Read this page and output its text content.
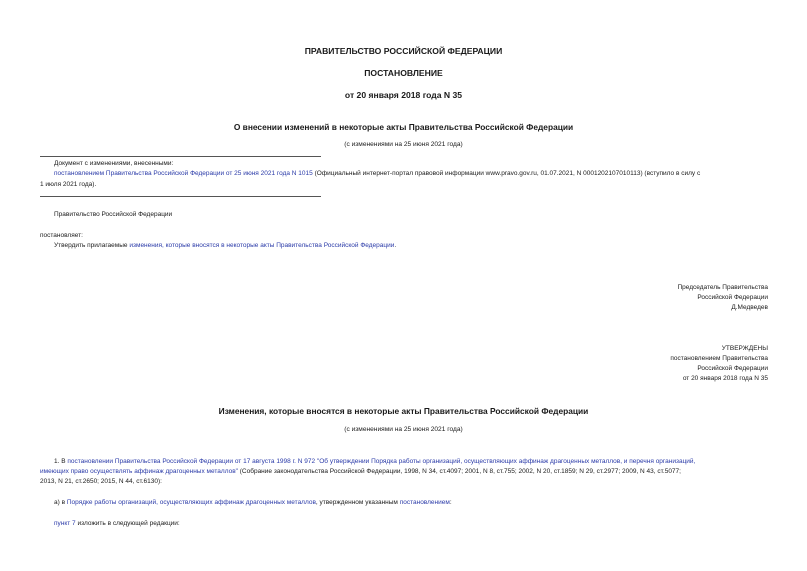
ПРАВИТЕЛЬСТВО РОССИЙСКОЙ ФЕДЕРАЦИИ
ПОСТАНОВЛЕНИЕ
от 20 января 2018 года N 35
О внесении изменений в некоторые акты Правительства Российской Федерации
(с изменениями на 25 июня 2021 года)
Документ с изменениями, внесенными:
постановлением Правительства Российской Федерации от 25 июня 2021 года N 1015 (Официальный интернет-портал правовой информации www.pravo.gov.ru, 01.07.2021, N 0001202107010113) (вступило в силу с
1 июля 2021 года).
Правительство Российской Федерации
постановляет:
Утвердить прилагаемые изменения, которые вносятся в некоторые акты Правительства Российской Федерации.
Председатель Правительства
Российской Федерации
Д.Медведев
УТВЕРЖДЕНЫ
постановлением Правительства
Российской Федерации
от 20 января 2018 года N 35
Изменения, которые вносятся в некоторые акты Правительства Российской Федерации
(с изменениями на 25 июня 2021 года)
1. В постановлении Правительства Российской Федерации от 17 августа 1998 г. N 972 "Об утверждении Порядка работы организаций, осуществляющих аффинаж драгоценных металлов, и перечня организаций,
имеющих право осуществлять аффинаж драгоценных металлов" (Собрание законодательства Российской Федерации, 1998, N 34, ст.4097; 2001, N 8, ст.755; 2002, N 20, ст.1859; N 29, ст.2977; 2009, N 43, ст.5077;
2013, N 21, ст.2650; 2015, N 44, ст.6130):
а) в Порядке работы организаций, осуществляющих аффинаж драгоценных металлов, утвержденном указанным постановлением:
пункт 7 изложить в следующей редакции:
